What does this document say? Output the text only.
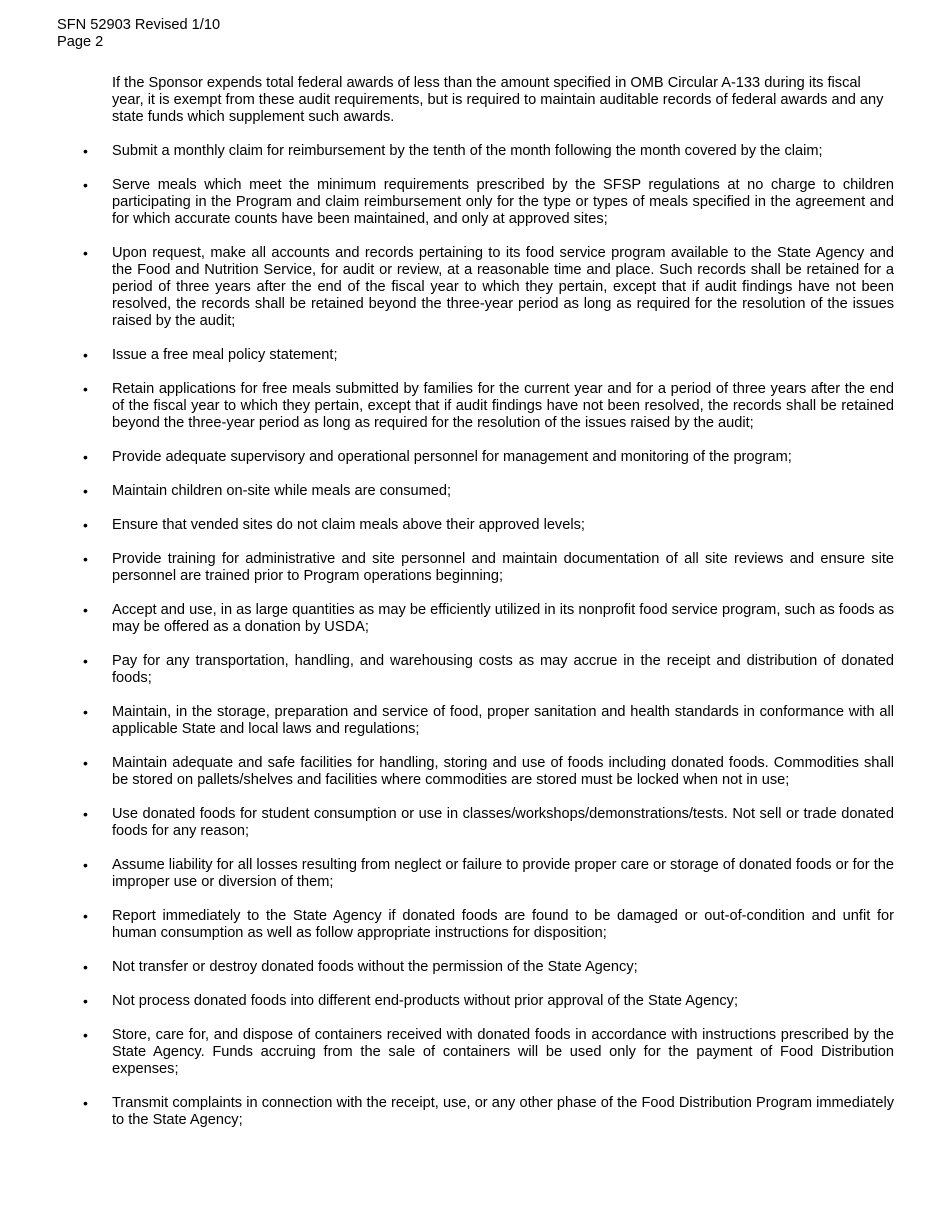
SFN 52903 Revised 1/10
Page 2
If the Sponsor expends total federal awards of less than the amount specified in OMB Circular A-133 during its fiscal year, it is exempt from these audit requirements, but is required to maintain auditable records of federal awards and any state funds which supplement such awards.
• Submit a monthly claim for reimbursement by the tenth of the month following the month covered by the claim;
• Serve meals which meet the minimum requirements prescribed by the SFSP regulations at no charge to children participating in the Program and claim reimbursement only for the type or types of meals specified in the agreement and for which accurate counts have been maintained, and only at approved sites;
• Upon request, make all accounts and records pertaining to its food service program available to the State Agency and the Food and Nutrition Service, for audit or review, at a reasonable time and place. Such records shall be retained for a period of three years after the end of the fiscal year to which they pertain, except that if audit findings have not been resolved, the records shall be retained beyond the three-year period as long as required for the resolution of the issues raised by the audit;
• Issue a free meal policy statement;
• Retain applications for free meals submitted by families for the current year and for a period of three years after the end of the fiscal year to which they pertain, except that if audit findings have not been resolved, the records shall be retained beyond the three-year period as long as required for the resolution of the issues raised by the audit;
• Provide adequate supervisory and operational personnel for management and monitoring of the program;
• Maintain children on-site while meals are consumed;
• Ensure that vended sites do not claim meals above their approved levels;
• Provide training for administrative and site personnel and maintain documentation of all site reviews and ensure site personnel are trained prior to Program operations beginning;
• Accept and use, in as large quantities as may be efficiently utilized in its nonprofit food service program, such as foods as may be offered as a donation by USDA;
• Pay for any transportation, handling, and warehousing costs as may accrue in the receipt and distribution of donated foods;
• Maintain, in the storage, preparation and service of food, proper sanitation and health standards in conformance with all applicable State and local laws and regulations;
• Maintain adequate and safe facilities for handling, storing and use of foods including donated foods. Commodities shall be stored on pallets/shelves and facilities where commodities are stored must be locked when not in use;
• Use donated foods for student consumption or use in classes/workshops/demonstrations/tests. Not sell or trade donated foods for any reason;
• Assume liability for all losses resulting from neglect or failure to provide proper care or storage of donated foods or for the improper use or diversion of them;
• Report immediately to the State Agency if donated foods are found to be damaged or out-of-condition and unfit for human consumption as well as follow appropriate instructions for disposition;
• Not transfer or destroy donated foods without the permission of the State Agency;
• Not process donated foods into different end-products without prior approval of the State Agency;
• Store, care for, and dispose of containers received with donated foods in accordance with instructions prescribed by the State Agency. Funds accruing from the sale of containers will be used only for the payment of Food Distribution expenses;
• Transmit complaints in connection with the receipt, use, or any other phase of the Food Distribution Program immediately to the State Agency;
